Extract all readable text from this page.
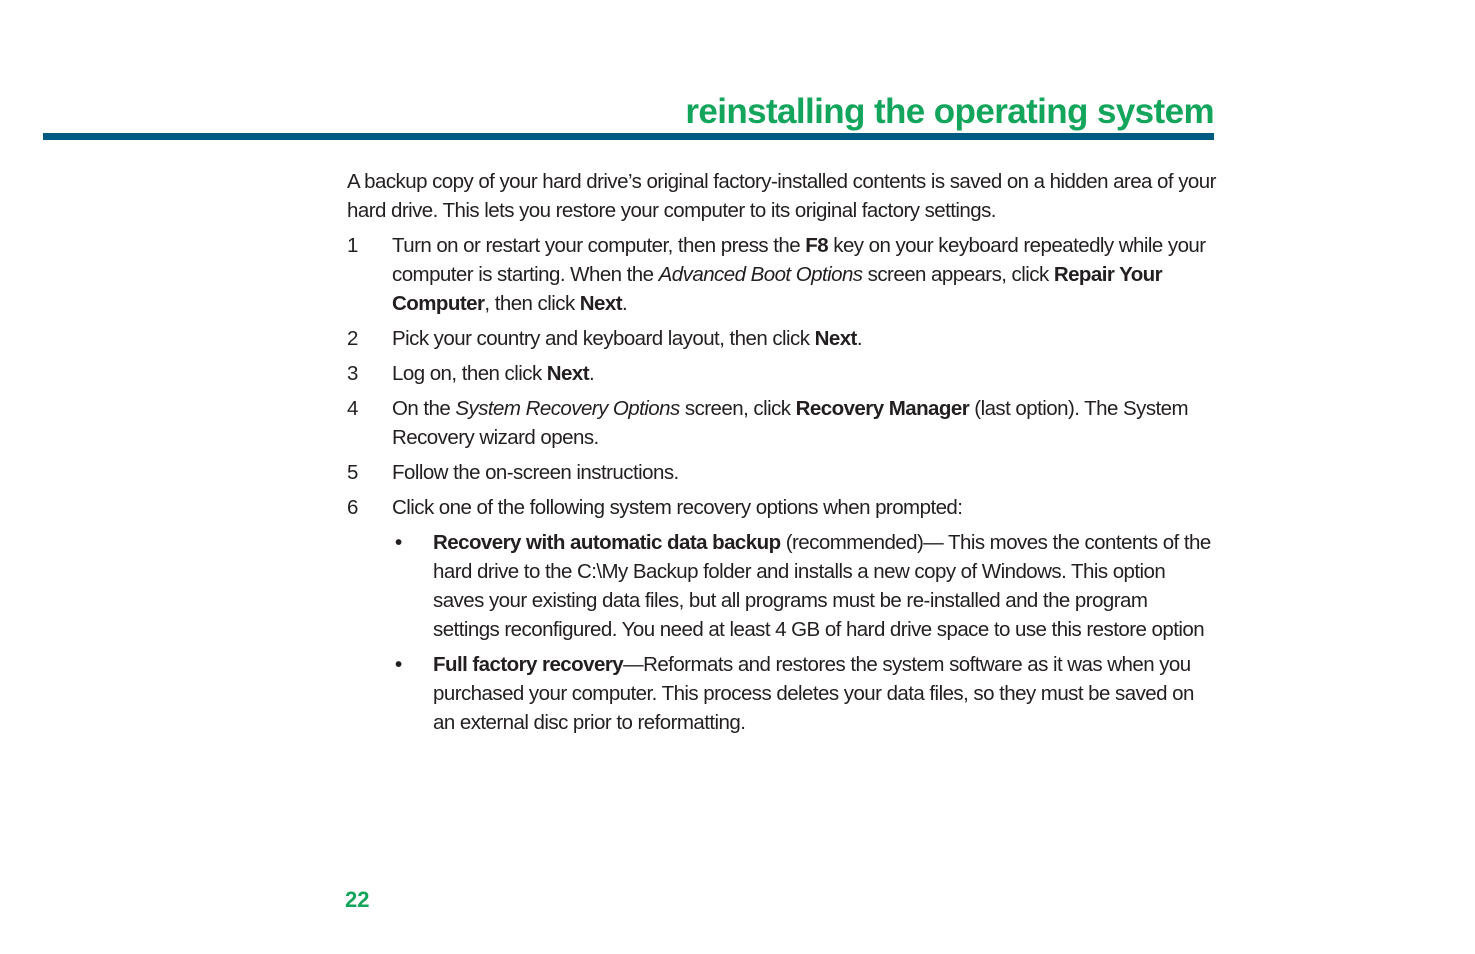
reinstalling the operating system

A backup copy of your hard drive’s original factory-installed contents is saved on a hidden area of your hard drive. This lets you restore your computer to its original factory settings.

1 Turn on or restart your computer, then press the F8 key on your keyboard repeatedly while your computer is starting. When the Advanced Boot Options screen appears, click Repair Your Computer, then click Next.
2 Pick your country and keyboard layout, then click Next.
3 Log on, then click Next.
4 On the System Recovery Options screen, click Recovery Manager (last option). The System Recovery wizard opens.
5 Follow the on-screen instructions.
6 Click one of the following system recovery options when prompted:
• Recovery with automatic data backup (recommended)— This moves the contents of the hard drive to the C:\My Backup folder and installs a new copy of Windows. This option saves your existing data files, but all programs must be re-installed and the program settings reconfigured. You need at least 4 GB of hard drive space to use this restore option
• Full factory recovery—Reformats and restores the system software as it was when you purchased your computer. This process deletes your data files, so they must be saved on an external disc prior to reformatting.
22
